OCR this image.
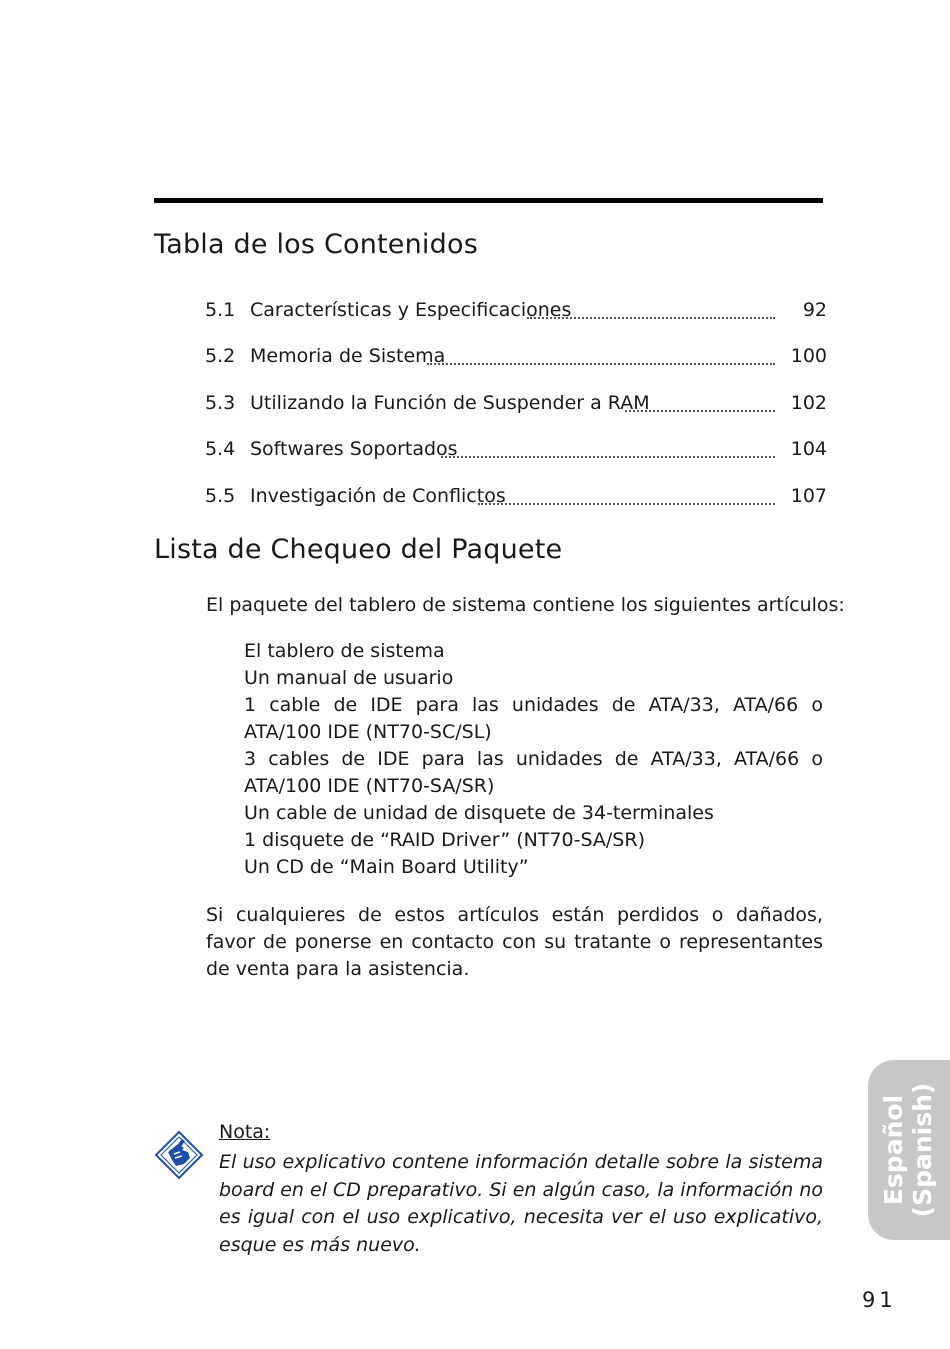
Tabla de los Contenidos
5.1 Características y Especificaciones	92
5.2 Memoria de Sistema	100
5.3 Utilizando la Función de Suspender a RAM	102
5.4 Softwares Soportados	104
5.5 Investigación de Conflictos	107
Lista de Chequeo del Paquete
El paquete del tablero de sistema contiene los siguientes artículos:
El tablero de sistema
Un manual de usuario
1 cable de IDE para las unidades de ATA/33, ATA/66 o ATA/100 IDE (NT70-SC/SL)
3 cables de IDE para las unidades de ATA/33, ATA/66 o ATA/100 IDE (NT70-SA/SR)
Un cable de unidad de disquete de 34-terminales
1 disquete de “RAID Driver” (NT70-SA/SR)
Un CD de “Main Board Utility”
Si cualquieres de estos artículos están perdidos o dañados, favor de ponerse en contacto con su tratante o representantes de venta para la asistencia.
Nota:
El uso explicativo contene información detalle sobre la sistema board en el CD preparativo. Si en algún caso, la información no es igual con el uso explicativo, necesita ver el uso explicativo, esque es más nuevo.
Español (Spanish)
91
